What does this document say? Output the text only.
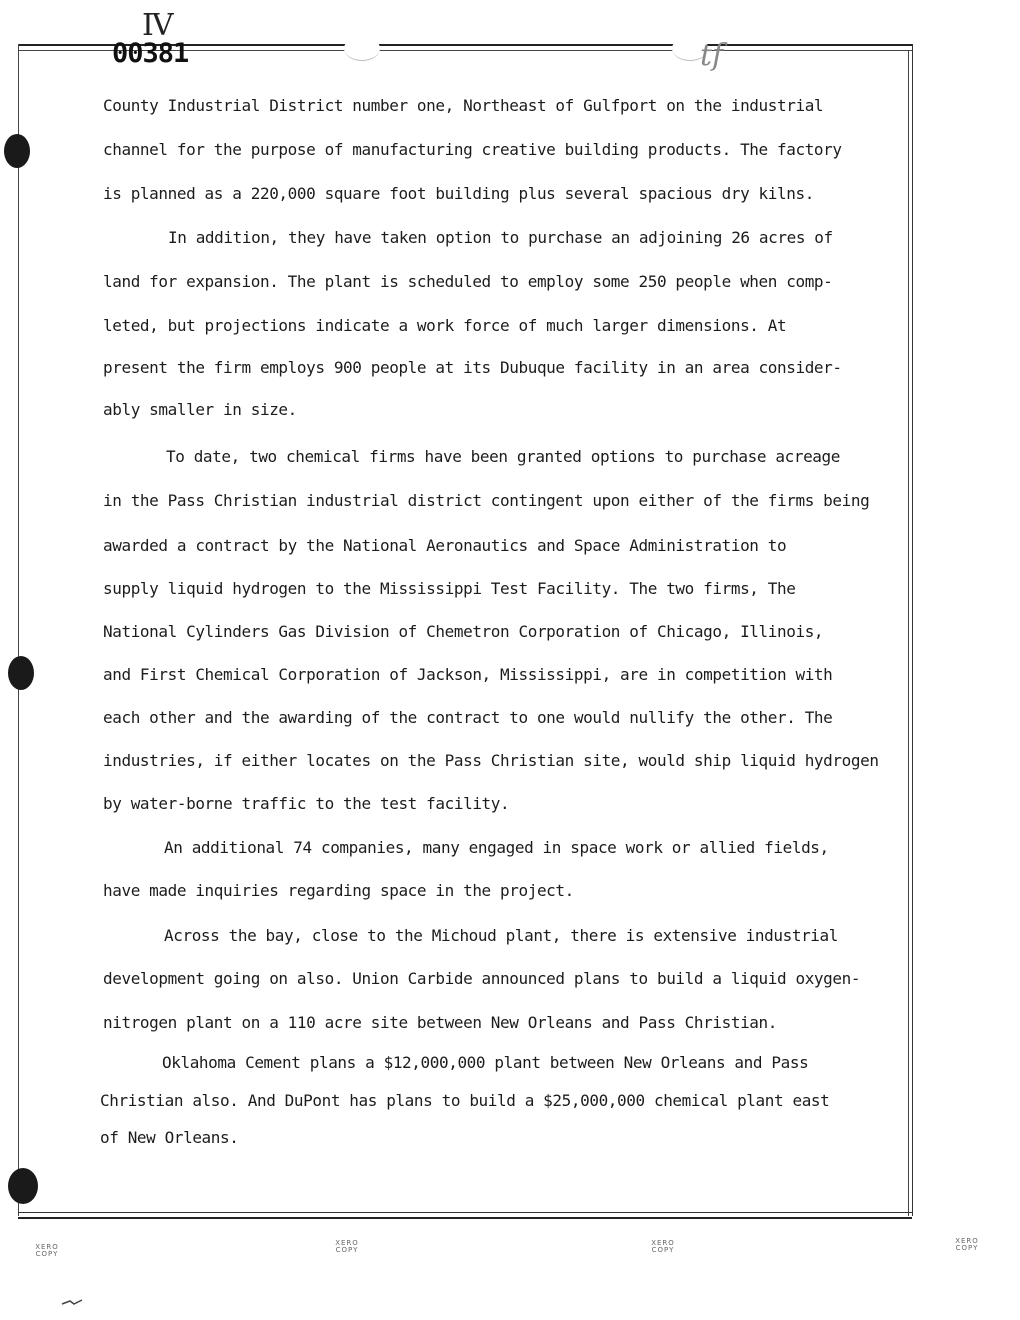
IV
00381	tf
County Industrial District number one, Northeast of Gulfport on the industrial
channel for the purpose of manufacturing creative building products. The factory
is planned as a 220,000 square foot building plus several spacious dry kilns.
In addition, they have taken option to purchase an adjoining 26 acres of
land for expansion. The plant is scheduled to employ some 250 people when comp-
leted, but projections indicate a work force of much larger dimensions. At
present the firm employs 900 people at its Dubuque facility in an area consider-
ably smaller in size.
To date, two chemical firms have been granted options to purchase acreage
in the Pass Christian industrial district contingent upon either of the firms being
awarded a contract by the National Aeronautics and Space Administration to
supply liquid hydrogen to the Mississippi Test Facility. The two firms, The
National Cylinders Gas Division of Chemetron Corporation of Chicago, Illinois,
and First Chemical Corporation of Jackson, Mississippi, are in competition with
each other and the awarding of the contract to one would nullify the other. The
industries, if either locates on the Pass Christian site, would ship liquid hydrogen
by water-borne traffic to the test facility.
An additional 74 companies, many engaged in space work or allied fields,
have made inquiries regarding space in the project.
Across the bay, close to the Michoud plant, there is extensive industrial
development going on also. Union Carbide announced plans to build a liquid oxygen-
nitrogen plant on a 110 acre site between New Orleans and Pass Christian.
Oklahoma Cement plans a $12,000,000 plant between New Orleans and Pass
Christian also. And DuPont has plans to build a $25,000,000 chemical plant east
of New Orleans.
XERO COPY
XERO COPY
XERO COPY
XERO COPY
